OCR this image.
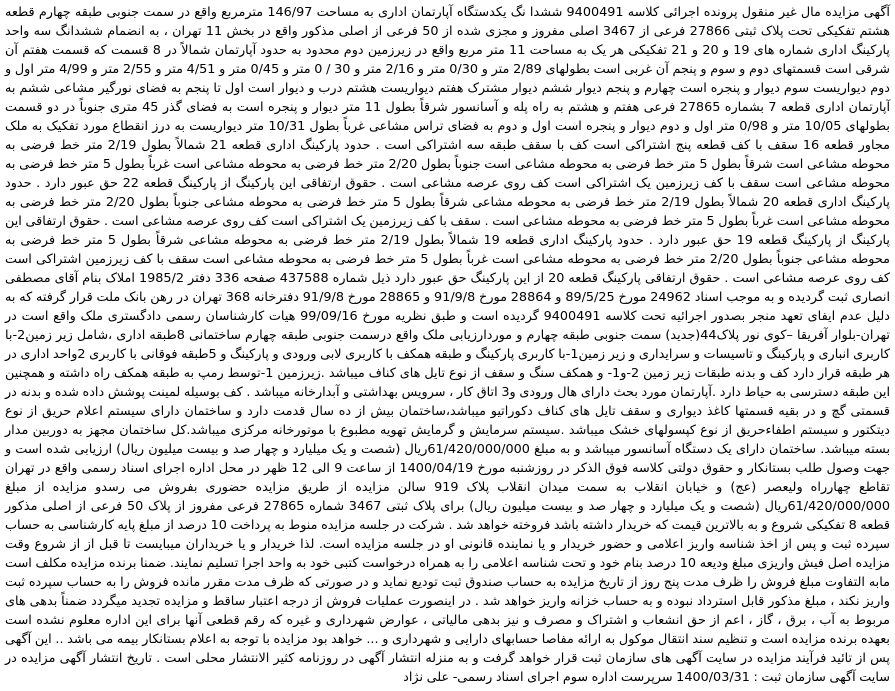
آگهی مزایده مال غیر منقول پرونده اجرائی کلاسه 9400491 ششدا نگ یکدستگاه آپارتمان اداری به مساحت 146/97 مترمربع واقع در سمت جنوبی طبقه چهارم قطعه هشتم تفکیکی تحت پلاک ثبتی 27866 فرعی از 3467 اصلی مفروز و مجزی شده از 50 فرعی از اصلی مذکور واقع در بخش 11 تهران ، به انضمام ششدانگ سه واحد پارکینگ اداری شماره های 19 و 20 و 21 تفکیکی هر یک به مساحت 11 متر مربع واقع در زیرزمین دوم محدود به حدود آپارتمان شمالاً در 8 قسمت که قسمت هفتم آن شرقی است قسمتهای دوم و سوم و پنجم آن غربی است بطولهای 2/89 متر و 0/30 متر و 2/16 متر و 30 / 0 متر و 0/45 متر و 4/51 متر و 2/55 متر و 4/99 متر اول و دوم دیواریست سوم دیوار و پنجره است چهارم و پنجم دیوار ششم دیوار مشترک هفتم دیواریست هشتم درب و دیوار است اول تا پنجم به فضای نورگیر مشاعی ششم به آپارتمان اداری قطعه 7 بشماره 27865 فرعی هفتم و هشتم به راه پله و آسانسور شرقاً بطول 11 متر دیوار و پنجره است به فضای گذر 45 متری جنوباً در دو قسمت بطولهای 10/05 متر و 0/98 متر اول و دوم دیوار و پنجره است اول و دوم به فضای تراس مشاعی غرباً بطول 10/31 متر دیواریست به درز انقطاع مورد تفکیک به ملک مجاور قطعه 16 سقف با کف قطعه پنج اشتراکی است کف با سقف طبقه سه اشتراکی است . حدود پارکینگ اداری قطعه 21 شمالاً بطول 2/19 متر خط فرضی به محوطه مشاعی است شرقاً بطول 5 متر خط فرضی به محوطه مشاعی است جنوباً بطول 2/20 متر خط فرضی به محوطه مشاعی است غرباً بطول 5 متر خط فرضی به محوطه مشاعی است سقف با کف زیرزمین یک اشتراکی است کف روی عرصه مشاعی است . حقوق ارتفاقی این پارکینگ از پارکینگ قطعه 22 حق عبور دارد . حدود پارکینگ اداری قطعه 20 شمالاً بطول 2/19 متر خط فرضی به محوطه مشاعی شرقاً بطول 5 متر خط فرضی به محوطه مشاعی جنوباً بطول 2/20 متر خط فرضی به محوطه مشاعی است غرباً بطول 5 متر خط فرضی به محوطه مشاعی است . سقف با کف زیرزمین یک اشتراکی است کف روی عرصه مشاعی است . حقوق ارتفاقی این پارکینگ از پارکینگ قطعه 19 حق عبور دارد . حدود پارکینگ اداری قطعه 19 شمالاً بطول 2/19 متر خط فرضی به محوطه مشاعی شرقاً بطول 5 متر خط فرضی به محوطه مشاعی جنوباً بطول 2/20 متر خط فرضی به محوطه مشاعی است غرباً بطول 5 متر خط فرضی به محوطه مشاعی است سقف با کف زیرزمین اشتراکی است کف روی عرصه مشاعی است . حقوق ارتفاقی پارکینگ قطعه 20 از این پارکینگ حق عبور دارد ذیل شماره 437588 صفحه 336 دفتر 1985/2 املاک بنام آقای مصطفی انصاری ثبت گردیده و به موجب اسناد 24962 مورخ 89/5/25 و 28864 مورخ 91/9/8 و 28865 مورخ 91/9/8 دفترخانه 368 تهران در رهن بانک ملت قرار گرفته که به دلیل عدم ایفای تعهد منجر بصدور اجرائیه تحت کلاسه 9400491 گردیده است و طبق نظریه مورخ 99/09/16 هیات کارشناسان رسمی دادگستری ملک واقع است در تهران-بلوار آفریقا –کوی نور پلاک44(جدید) سمت جنوبی طبقه چهارم و موردارزیابی ملک واقع درسمت جنوبی طبقه چهارم ساختمانی 8طبقه اداری ،شامل زیر زمین2-با کاربری انباری و پارکینگ و تاسیسات و سرایداری و زیر زمین1-با کاربری پارکینگ و طبقه همکف با کاربری لابی ورودی و پارکینگ و 5طبقه فوقانی با کاربری 2واحد اداری در هر طبقه قرار دارد کف و بدنه طبقات زیر زمین 2-و1- و همکف سنگ و سقف از نوع تایل های کناف میباشد .زیرزمین 1-توسط رمپ به طبقه همکف راه داشته و همچنین این طبقه دسترسی به حیاط دارد .آپارتمان مورد بحث دارای هال ورودی و3 اتاق کار ، سرویس بهداشتی و آبدارخانه میباشد . کف بوسیله لمینت پوشش داده شده و بدنه در قسمتی گچ و در بقیه قسمتها کاغذ دیواری و سقف تایل های کناف دکوراتیو میباشد،ساختمان بیش از ده سال قدمت دارد و ساختمان دارای سیستم اعلام حریق از نوع دیتکتور و سیستم اطفاءحریق از نوع کپسولهای خشک میباشد .سیستم سرمایش و گرمایش تهویه مطبوع با موتورخانه مرکزی میباشد.کل ساختمان مجهز به دوربین مدار بسته میباشد. ساختمان دارای یک دستگاه آسانسور میباشد و به مبلغ 61/420/000/000ریال (شصت و یک میلیارد و چهار صد و بیست میلیون ریال) ارزیابی شده است و جهت وصول طلب بستانکار و حقوق دولتی کلاسه فوق الذکر در روزشنبه مورخ 1400/04/19 از ساعت 9 الی 12 ظهر در محل اداره اجرای اسناد رسمی واقع در تهران تقاطع چهارراه ولیعصر (عج) و خیابان انقلاب به سمت میدان انقلاب پلاک 919 سالن مزایده از طریق مزایده حضوری بفروش می رسدو مزایده از مبلغ 61/420/000/000ریال (شصت و یک میلیارد و چهار صد و بیست میلیون ریال) برای پلاک ثبتی 3467 شماره 27865 فرعی مفروز از پلاک 50 فرعی از اصلی مذکور قطعه 8 تفکیکی شروع و به بالاترین قیمت که خریدار داشته باشد فروخته خواهد شد . شرکت در جلسه مزایده منوط به پرداخت 10 درصد از مبلغ پایه کارشناسی به حساب سپرده ثبت و پس از اخذ شناسه واریز اعلامی و حضور خریدار و یا نماینده قانونی او در جلسه مزایده است. لذا خریدار و یا خریداران میبایست تا قبل از از شروع وقت مزایده اصل فیش واریزی مبلغ ودیعه 10 درصد بنام خود و تحت شناسه اعلامی را به همراه درخواست کتبی خود به واحد اجرا تسلیم نمایند. ضمنا برنده مزایده مکلف است مابه التفاوت مبلغ فروش را ظرف مدت پنج روز از تاریخ مزایده به حساب صندوق ثبت تودیع نماید و در صورتی که ظرف مدت مقرر مانده فروش را به حساب سپرده ثبت واریز نکند ، مبلغ مذکور قابل استرداد نبوده و به حساب خزانه واریز خواهد شد . در اینصورت عملیات فروش از درجه اعتبار ساقط و مزایده تجدید میگردد ضمناً بدهی های مربوط به آب ، برق ، گاز ، اعم از حق انشعاب و اشتراک و مصرف و نیز بدهی مالیاتی ، عوارض شهرداری و غیره که رقم قطعی آنها برای این اداره معلوم نشده است بعهده برنده مزایده است و تنظیم سند انتقال موکول به ارائه مفاصا حسابهای دارایی و شهرداری و ... خواهد بود مزایده با توجه به اعلام بستانکار بیمه می باشد .. این آگهی پس از تائید فرآیند مزایده در سایت آگهی های سازمان ثبت قرار خواهد گرفت و به منزله انتشار آگهی در روزنامه کثیر الانتشار محلی است . تاریخ انتشار آگهی مزایده در سایت آگهی سازمان ثبت : 1400/03/31 سرپرست اداره سوم اجرای اسناد رسمی- علی نژاد
